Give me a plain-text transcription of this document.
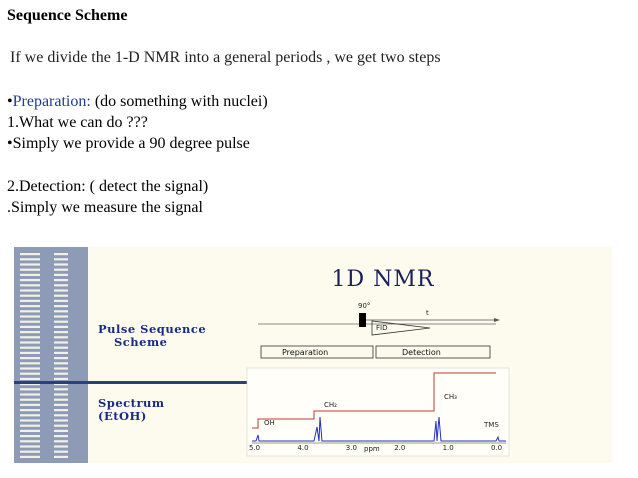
Sequence Scheme
If we divide the 1-D NMR into a general periods , we get two steps
•Preparation: (do something with nuclei)
1.What we can do ???
•Simply we provide a 90 degree pulse
2.Detection: ( detect the signal)
.Simply we measure the signal
90°
t
FID
Preparation	Detection
CH₂
CH₃
OH	TMS
5.0	4.0	3.0	2.0	1.0	0.0
ppm
1D NMR
Pulse Sequence
Scheme
Spectrum
(EtOH)
